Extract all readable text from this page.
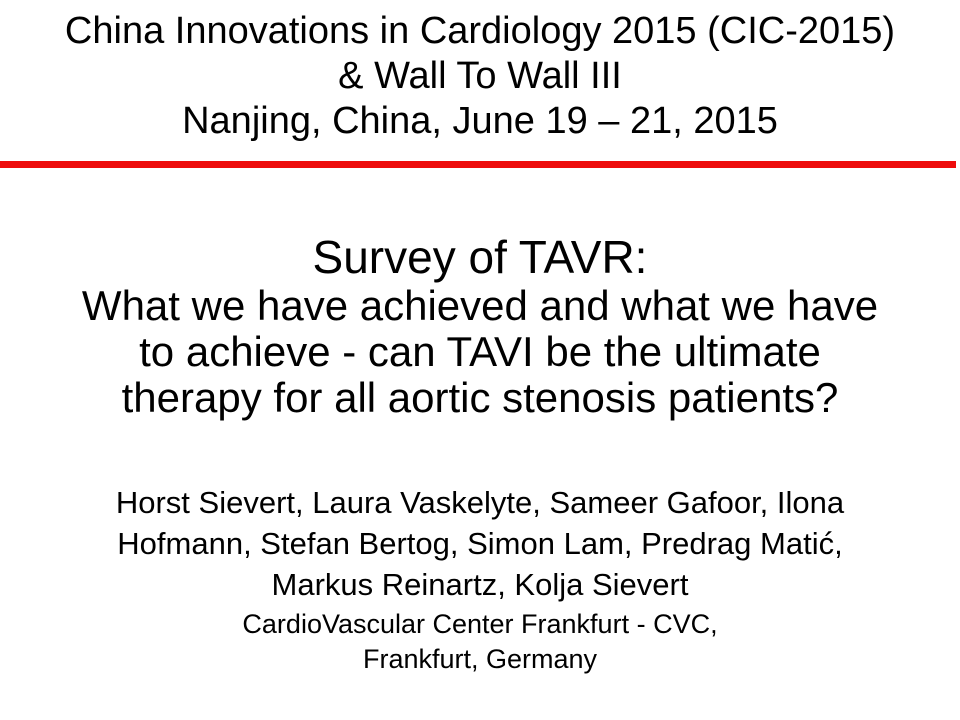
China Innovations in Cardiology 2015 (CIC-2015)
& Wall To Wall III
Nanjing, China, June 19 – 21, 2015
Survey of TAVR:
What we have achieved and what we have
to achieve - can TAVI be the ultimate
therapy for all aortic stenosis patients?
Horst Sievert, Laura Vaskelyte, Sameer Gafoor, Ilona
Hofmann, Stefan Bertog, Simon Lam, Predrag Matić,
Markus Reinartz, Kolja Sievert
CardioVascular Center Frankfurt - CVC,
Frankfurt, Germany
